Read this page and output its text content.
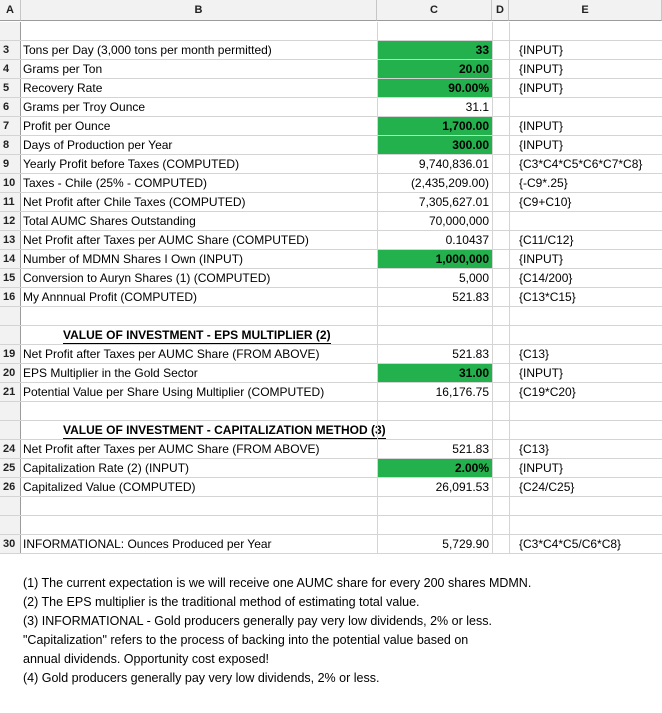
A	B	C	D	E
3	Tons per Day (3,000 tons per month permitted)	33	{INPUT}
4	Grams per Ton	20.00	{INPUT}
5	Recovery Rate	90.00%	{INPUT}
6	Grams per Troy Ounce	31.1
7	Profit per Ounce	1,700.00	{INPUT}
8	Days of Production per Year	300.00	{INPUT}
9	Yearly Profit before Taxes (COMPUTED)	9,740,836.01	{C3*C4*C5*C6*C7*C8}
10 Taxes - Chile (25% - COMPUTED)	(2,435,209.00)	{-C9*.25}
11 Net Profit after Chile Taxes (COMPUTED)	7,305,627.01	{C9+C10}
12 Total AUMC Shares Outstanding	70,000,000
13 Net Profit after Taxes per AUMC Share (COMPUTED)	0.10437	{C11/C12}
14 Number of MDMN Shares I Own (INPUT)	1,000,000	{INPUT}
15 Conversion to Auryn Shares (1) (COMPUTED)	5,000	{C14/200}
16 My Annnual Profit (COMPUTED)	521.83	{C13*C15}
VALUE OF INVESTMENT - EPS MULTIPLIER (2)
19 Net Profit after Taxes per AUMC Share (FROM ABOVE)	521.83	{C13}
20 EPS Multiplier in the Gold Sector	31.00	{INPUT}
21 Potential Value per Share Using Multiplier (COMPUTED)	16,176.75	{C19*C20}
VALUE OF INVESTMENT - CAPITALIZATION METHOD (3)
24 Net Profit after Taxes per AUMC Share (FROM ABOVE)	521.83	{C13}
25 Capitalization Rate (2) (INPUT)	2.00%	{INPUT}
26 Capitalized Value (COMPUTED)	26,091.53	{C24/C25}
30 INFORMATIONAL: Ounces Produced per Year	5,729.90	{C3*C4*C5/C6*C8}
(1) The current expectation is we will receive one AUMC share for every 200 shares MDMN.
(2) The EPS multiplier is the traditional method of estimating total value.
(3) INFORMATIONAL - Gold producers generally pay very low dividends, 2% or less.
"Capitalization" refers to the process of backing into the potential value based on
annual dividends. Opportunity cost exposed!
(4) Gold producers generally pay very low dividends, 2% or less.
